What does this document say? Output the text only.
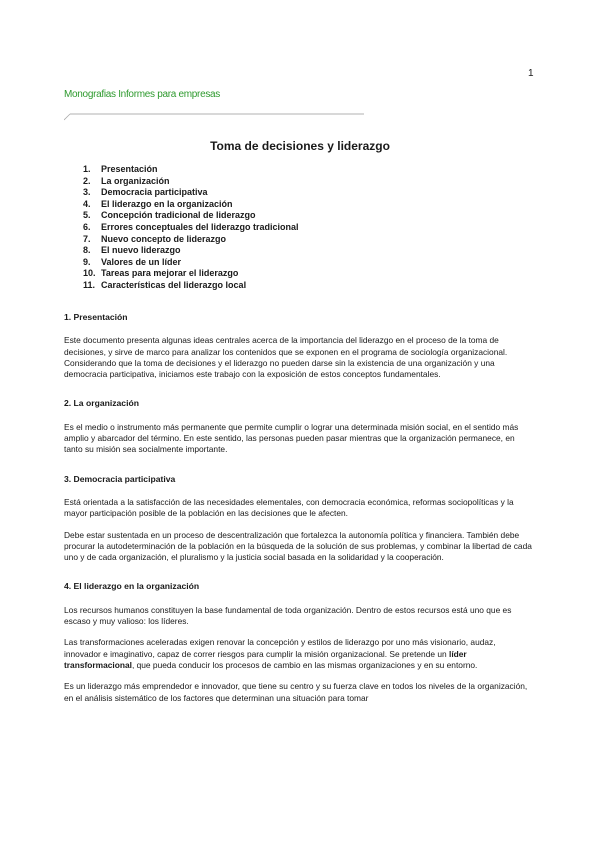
1
Monografias Informes para empresas
Toma de decisiones y liderazgo
1.	Presentación
2.	La organización
3.	Democracia participativa
4.	El liderazgo en la organización
5.	Concepción tradicional de liderazgo
6.	Errores conceptuales del liderazgo tradicional
7.	Nuevo concepto de liderazgo
8.	El nuevo liderazgo
9.	Valores de un líder
10. Tareas para mejorar el liderazgo
11. Características del liderazgo local
1. Presentación

Este documento presenta algunas ideas centrales acerca de la importancia del liderazgo en el proceso de la toma de decisiones, y sirve de marco para analizar los contenidos que se exponen en el programa de sociología organizacional. Considerando que la toma de decisiones y el liderazgo no pueden darse sin la existencia de una organización y una democracia participativa, iniciamos este trabajo con la exposición de estos conceptos fundamentales.

2. La organización

Es el medio o instrumento más permanente que permite cumplir o lograr una determinada misión social, en el sentido más amplio y abarcador del término. En este sentido, las personas pueden pasar mientras que la organización permanece, en tanto su misión sea socialmente importante.

3. Democracia participativa

Está orientada a la satisfacción de las necesidades elementales, con democracia económica, reformas sociopolíticas y la mayor participación posible de la población en las decisiones que le afecten.

Debe estar sustentada en un proceso de descentralización que fortalezca la autonomía política y financiera. También debe procurar la autodeterminación de la población en la búsqueda de la solución de sus problemas, y combinar la libertad de cada uno y de cada organización, el pluralismo y la justicia social basada en la solidaridad y la cooperación.

4. El liderazgo en la organización

Los recursos humanos constituyen la base fundamental de toda organización. Dentro de estos recursos está uno que es escaso y muy valioso: los líderes.

Las transformaciones aceleradas exigen renovar la concepción y estilos de liderazgo por uno más visionario, audaz, innovador e imaginativo, capaz de correr riesgos para cumplir la misión organizacional. Se pretende un líder transformacional, que pueda conducir los procesos de cambio en las mismas organizaciones y en su entorno.

Es un liderazgo más emprendedor e innovador, que tiene su centro y su fuerza clave en todos los niveles de la organización, en el análisis sistemático de los factores que determinan una situación para tomar
